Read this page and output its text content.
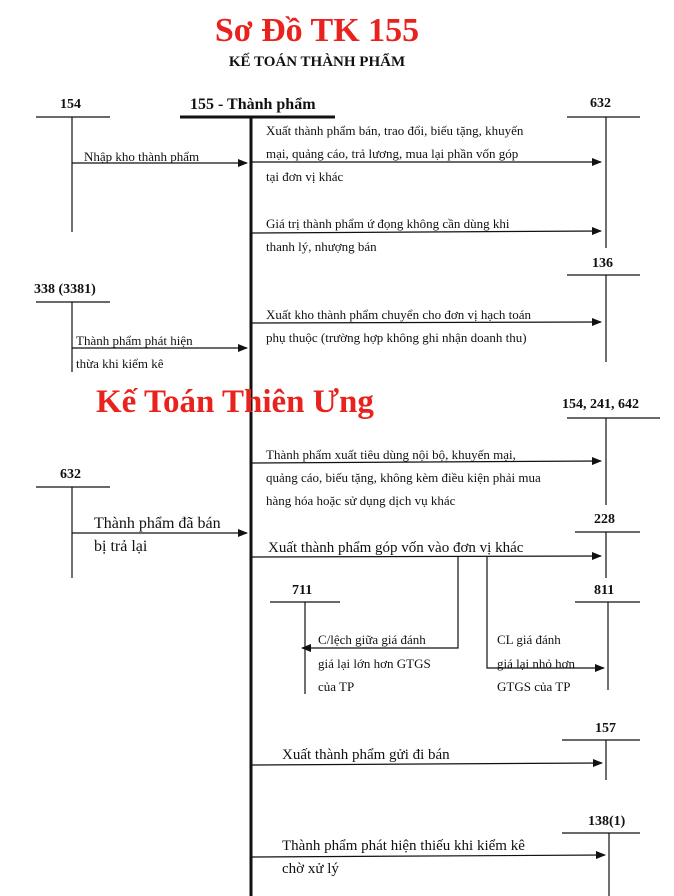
Sơ Đồ TK 155
KẾ TOÁN THÀNH PHẨM
Kế Toán Thiên Ưng
154	155 - Thành phẩm	632
136
338 (3381)
154, 241, 642
632
228
711	811
157
138(1)
Nhập kho thành phẩm
Xuất thành phẩm bán, trao đổi, biếu tặng, khuyến
mại, quảng cáo, trả lương, mua lại phần vốn góp
tại đơn vị khác
Giá trị thành phẩm ứ đọng không cần dùng khi
thanh lý, nhượng bán
Xuất kho thành phẩm chuyển cho đơn vị hạch toán
phụ thuộc (trường hợp không ghi nhận doanh thu)
Thành phẩm phát hiện
thừa khi kiểm kê
Thành phẩm xuất tiêu dùng nội bộ, khuyến mại,
quảng cáo, biếu tặng, không kèm điều kiện phải mua
hàng hóa hoặc sử dụng dịch vụ khác
Thành phẩm đã bán
bị trả lại	Xuất thành phẩm góp vốn vào đơn vị khác
C/lệch giữa giá đánh
giá lại lớn hơn GTGS
của TP
CL giá đánh
giá lại nhỏ hơn
GTGS của TP
Xuất thành phẩm gửi đi bán
Thành phẩm phát hiện thiếu khi kiểm kê
chờ xử lý
